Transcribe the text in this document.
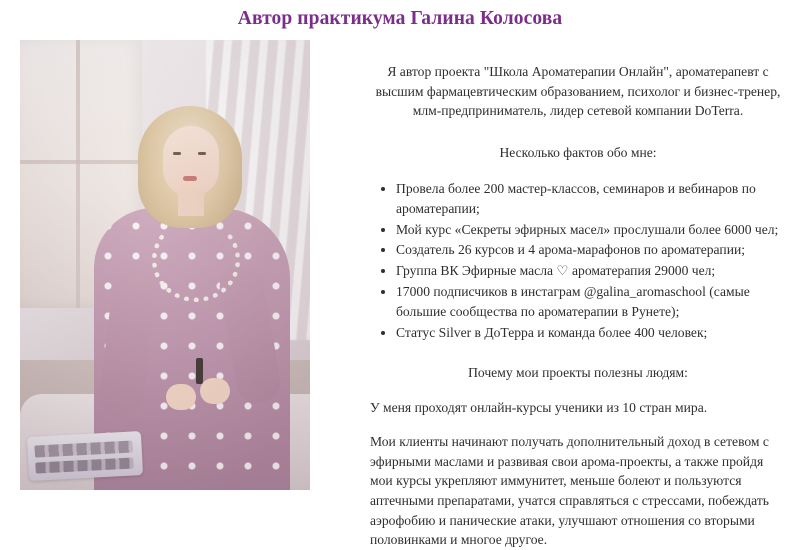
Автор практикума Галина Колосова

Я автор проекта "Школа Ароматерапии Онлайн", ароматерапевт с высшим фармацевтическим образованием, психолог и бизнес-тренер, млм-предприниматель, лидер сетевой компании DoTerra.

Несколько фактов обо мне:

• Провела более 200 мастер-классов, семинаров и вебинаров по ароматерапии;
• Мой курс «Секреты эфирных масел» прослушали более 6000 чел;
• Создатель 26 курсов и 4 арома-марафонов по ароматерапии;
• Группа ВК Эфирные масла ♡ ароматерапия 29000 чел;
• 17000 подписчиков в инстаграм @galina_aromaschool (самые большие сообщества по ароматерапии в Рунете);
• Статус Silver в ДоТерра и команда более 400 человек;

Почему мои проекты полезны людям:

У меня проходят онлайн-курсы ученики из 10 стран мира.

Мои клиенты начинают получать дополнительный доход в сетевом с эфирными маслами и развивая свои арома-проекты, а также пройдя мои курсы укрепляют иммунитет, меньше болеют и пользуются аптечными препаратами, учатся справляться с стрессами, побеждать аэрофобию и панические атаки, улучшают отношения со вторыми половинками и многое другое.
